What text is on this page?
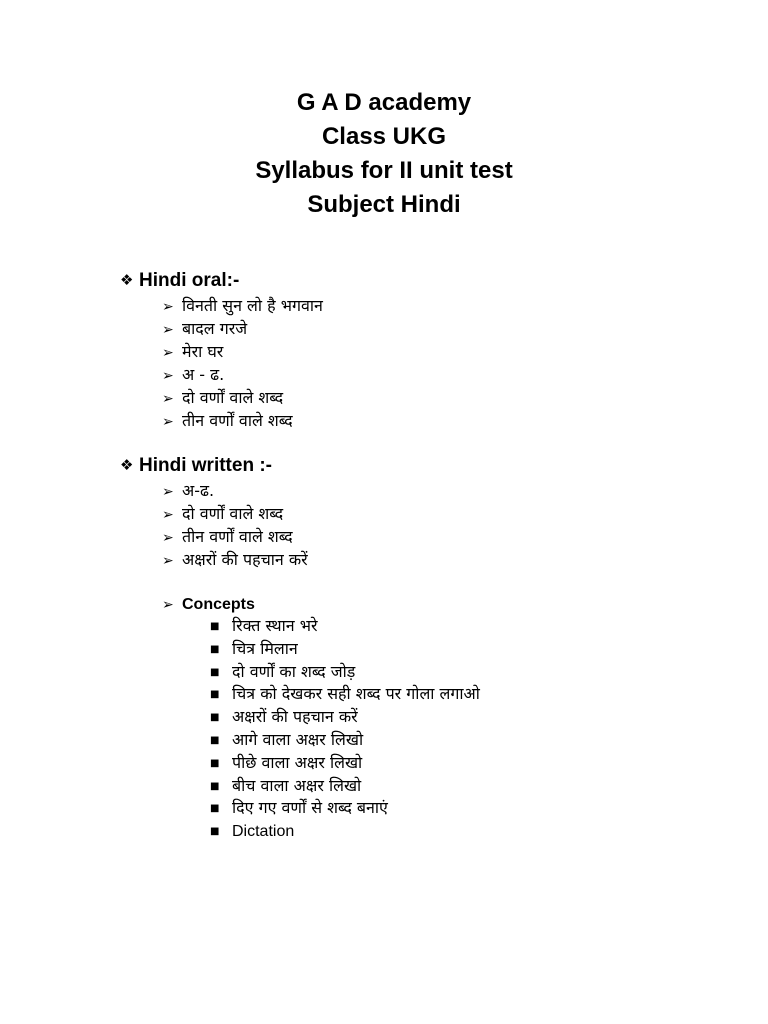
G A D academy
Class UKG
Syllabus for II unit test
Subject Hindi
❖ Hindi oral:-
➢ विनती सुन लो है भगवान
➢ बादल गरजे
➢ मेरा घर
➢ अ - ढ.
➢ दो वर्णों वाले शब्द
➢ तीन वर्णों वाले शब्द
❖ Hindi written :-
➢ अ-ढ.
➢ दो वर्णों वाले शब्द
➢ तीन वर्णों वाले शब्द
➢ अक्षरों की पहचान करें
➢ Concepts
■ रिक्त स्थान भरे
■ चित्र मिलान
■ दो वर्णों का शब्द जोड़
■ चित्र को देखकर सही शब्द पर गोला लगाओ
■ अक्षरों की पहचान करें
■ आगे वाला अक्षर लिखो
■ पीछे वाला अक्षर लिखो
■ बीच वाला अक्षर लिखो
■ दिए गए वर्णों से शब्द बनाएं
■ Dictation
